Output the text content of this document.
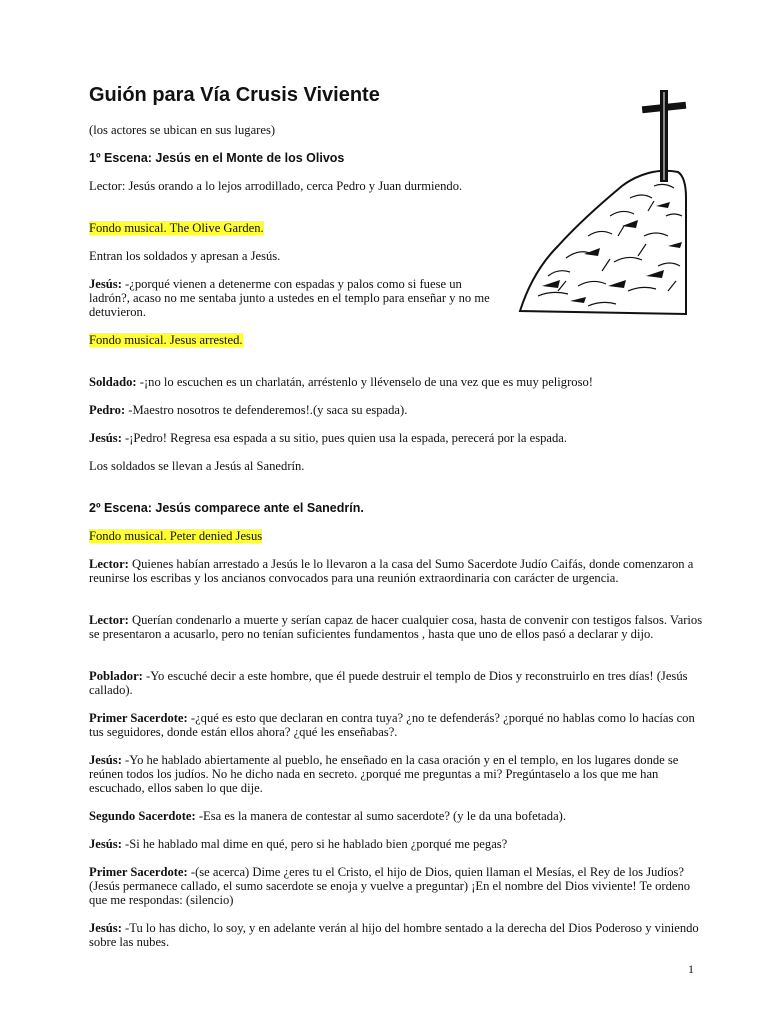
Guión para Vía Crusis Viviente

(los actores se ubican en sus lugares)

1º Escena: Jesús en el Monte de los Olivos

Lector: Jesús orando a lo lejos arrodillado, cerca Pedro y Juan durmiendo.

Fondo musical. The Olive Garden.

Entran los soldados y apresan a Jesús.

Jesús: -¿porqué vienen a detenerme con espadas y palos como si fuese un ladrón?, acaso no me sentaba junto a ustedes en el templo para enseñar y no me detuvieron.

Fondo musical. Jesus arrested.

Soldado: -¡no lo escuchen es un charlatán, arréstenlo y llévenselo de una vez que es muy peligroso!

Pedro: -Maestro nosotros te defenderemos!.(y saca su espada).

Jesús: -¡Pedro! Regresa esa espada a su sitio, pues quien usa la espada, perecerá por la espada.

Los soldados se llevan a Jesús al Sanedrín.

2º Escena: Jesús comparece ante el Sanedrín.

Fondo musical. Peter denied Jesus

Lector: Quienes habían arrestado a Jesús le lo llevaron a la casa del Sumo Sacerdote Judío Caifás, donde comenzaron a reunirse los escribas y los ancianos convocados para una reunión extraordinaria con carácter de urgencia.

Lector: Querían condenarlo a muerte y serían capaz de hacer cualquier cosa, hasta de convenir con testigos falsos. Varios se presentaron a acusarlo, pero no tenían suficientes fundamentos , hasta que uno de ellos pasó a declarar y dijo.

Poblador: -Yo escuché decir a este hombre, que él puede destruir el templo de Dios y reconstruirlo en tres días! (Jesús callado).

Primer Sacerdote: -¿qué es esto que declaran en contra tuya? ¿no te defenderás? ¿porqué no hablas como lo hacías con tus seguidores, donde están ellos ahora? ¿qué les enseñabas?.

Jesús: -Yo he hablado abiertamente al pueblo, he enseñado en la casa oración y en el templo, en los lugares donde se reúnen todos los judíos. No he dicho nada en secreto. ¿porqué me preguntas a mi? Pregúntaselo a los que me han escuchado, ellos saben lo que dije.

Segundo Sacerdote: -Esa es la manera de contestar al sumo sacerdote? (y le da una bofetada).

Jesús: -Si he hablado mal dime en qué, pero si he hablado bien ¿porqué me pegas?

Primer Sacerdote: -(se acerca) Dime ¿eres tu el Cristo, el hijo de Dios, quien llaman el Mesías, el Rey de los Judíos? (Jesús permanece callado, el sumo sacerdote se enoja y vuelve a preguntar) ¡En el nombre del Dios viviente! Te ordeno que me respondas: (silencio)

Jesús: -Tu lo has dicho, lo soy, y en adelante verán al hijo del hombre sentado a la derecha del Dios Poderoso y viniendo sobre las nubes.

1
